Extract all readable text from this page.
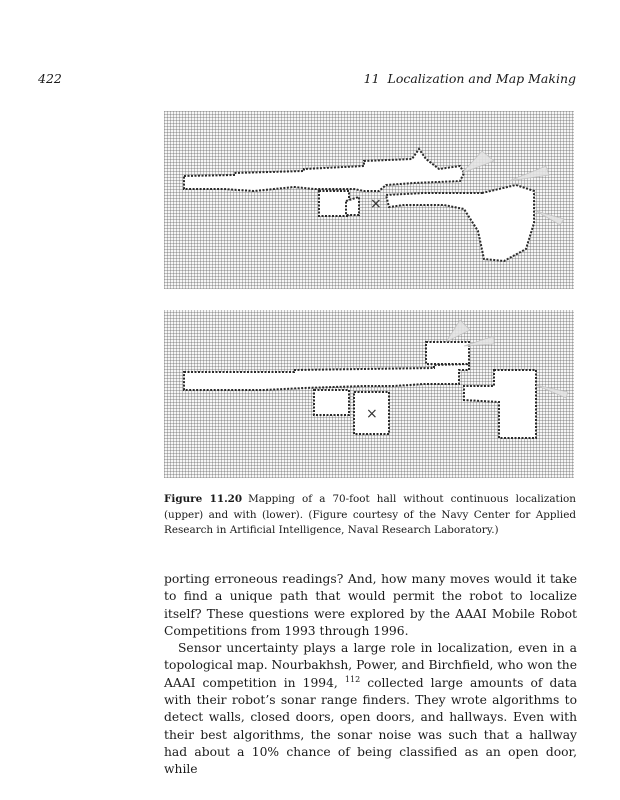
422	11 Localization and Map Making
×
×
Figure 11.20 Mapping of a 70-foot hall without continuous localization (upper) and with (lower). (Figure courtesy of the Navy Center for Applied Research in Artificial Intelligence, Naval Research Laboratory.)

porting erroneous readings? And, how many moves would it take to find a unique path that would permit the robot to localize itself? These questions were explored by the AAAI Mobile Robot Competitions from 1993 through 1996.

Sensor uncertainty plays a large role in localization, even in a topological map. Nourbakhsh, Power, and Birchfield, who won the AAAI competition in 1994, $^{112}$ collected large amounts of data with their robot’s sonar range finders. They wrote algorithms to detect walls, closed doors, open doors, and hallways. Even with their best algorithms, the sonar noise was such that a hallway had about a 10% chance of being classified as an open door, while
